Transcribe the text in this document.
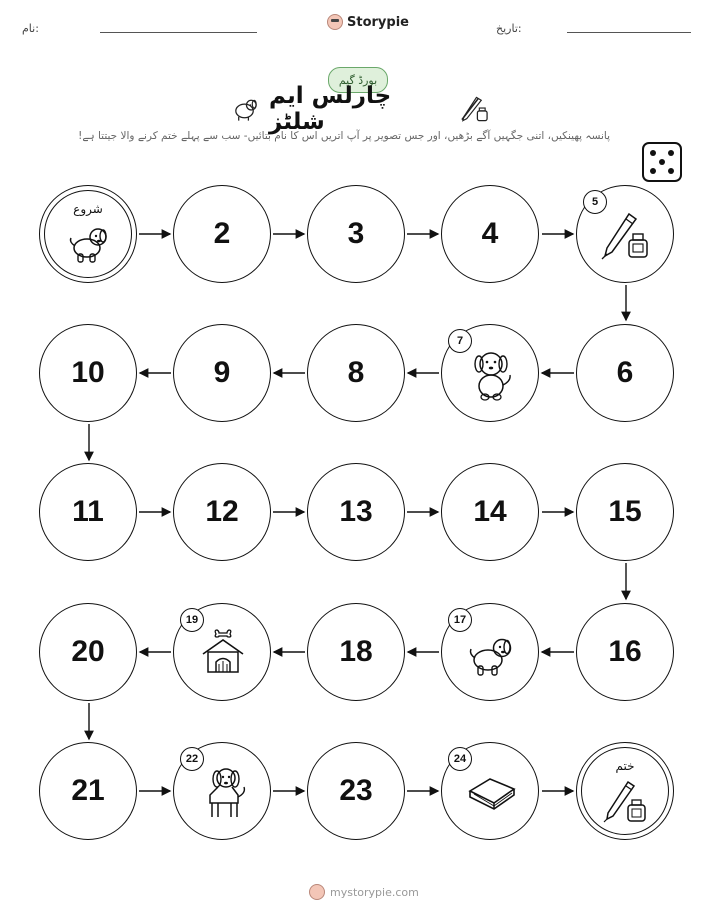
نام:	Storypie	تاریخ:
بورڈ گیم
چارلس ایم شلٹز
پانسہ پھینکیں، اتنی جگہیں آگے بڑھیں، اور جس تصویر پر آپ اتریں اس کا نام بتائیں- سب سے پہلے ختم کرنے والا جیتتا ہے!
شروع
2	3	4
5
10	9	8
7
6
11	12	13	14	15
20
19
18
17
16
21
22
23
24	ختم
mystorypie.com
